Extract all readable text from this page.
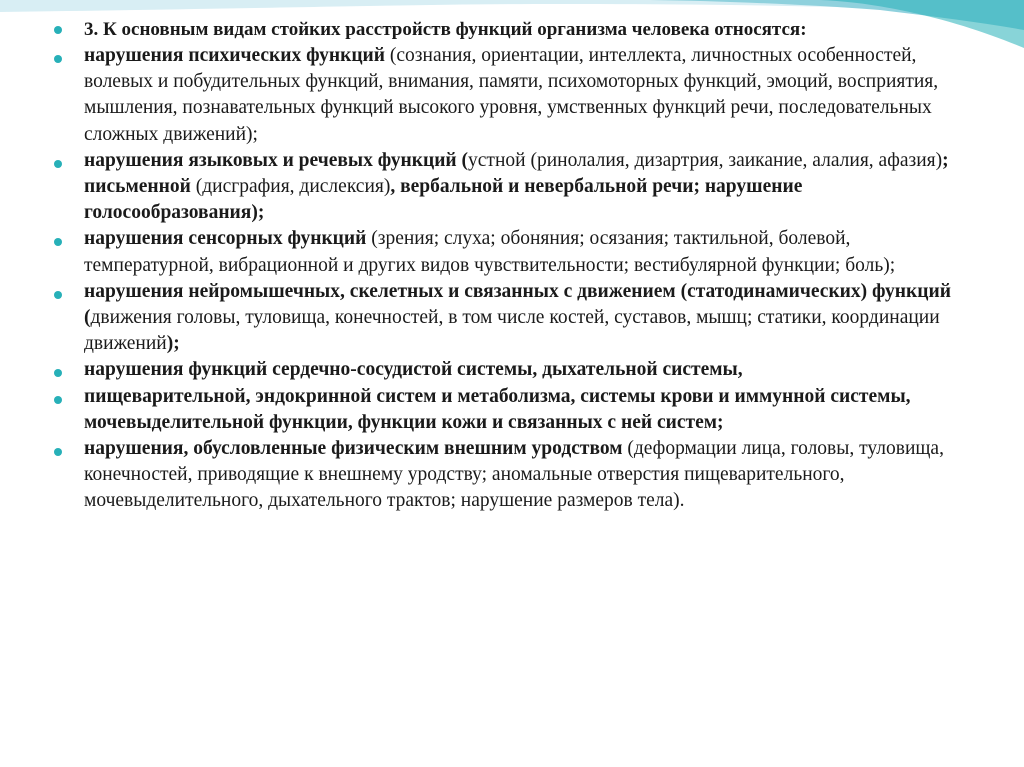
3. К основным видам стойких расстройств функций организма человека относятся:
нарушения психических функций (сознания, ориентации, интеллекта, личностных особенностей, волевых и побудительных функций, внимания, памяти, психомоторных функций, эмоций, восприятия, мышления, познавательных функций высокого уровня, умственных функций речи, последовательных сложных движений);
нарушения языковых и речевых функций (устной (ринолалия, дизартрия, заикание, алалия, афазия); письменной (дисграфия, дислексия), вербальной и невербальной речи; нарушение голосообразования);
нарушения сенсорных функций (зрения; слуха; обоняния; осязания; тактильной, болевой, температурной, вибрационной и других видов чувствительности; вестибулярной функции; боль);
нарушения нейромышечных, скелетных и связанных с движением (статодинамических) функций (движения головы, туловища, конечностей, в том числе костей, суставов, мышц; статики, координации движений);
нарушения функций сердечно-сосудистой системы, дыхательной системы,
пищеварительной, эндокринной систем и метаболизма, системы крови и иммунной системы, мочевыделительной функции, функции кожи и связанных с ней систем;
нарушения, обусловленные физическим внешним уродством (деформации лица, головы, туловища, конечностей, приводящие к внешнему уродству; аномальные отверстия пищеварительного, мочевыделительного, дыхательного трактов; нарушение размеров тела).
